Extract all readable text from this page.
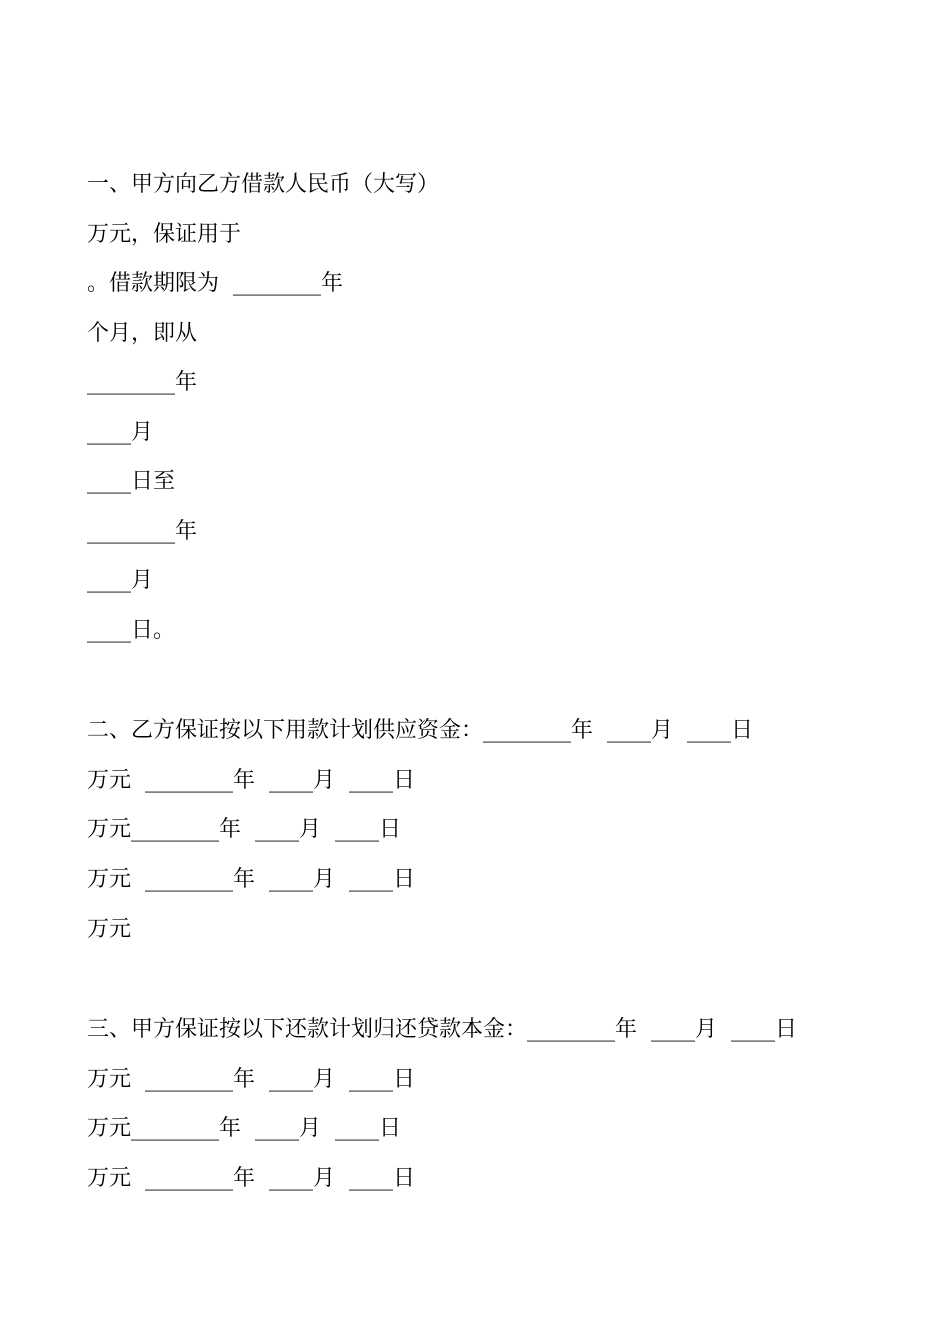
一、甲方向乙方借款人民币（大写）
万元，保证用于
。借款期限为  ________年
个月，即从
________年
____月
____日至
________年
____月
____日。
二、乙方保证按以下用款计划供应资金：________年  ____月  ____日
万元  ________年  ____月  ____日
万元________年  ____月  ____日
万元  ________年  ____月  ____日
万元
三、甲方保证按以下还款计划归还贷款本金：________年  ____月  ____日
万元  ________年  ____月  ____日
万元________年  ____月  ____日
万元  ________年  ____月  ____日
